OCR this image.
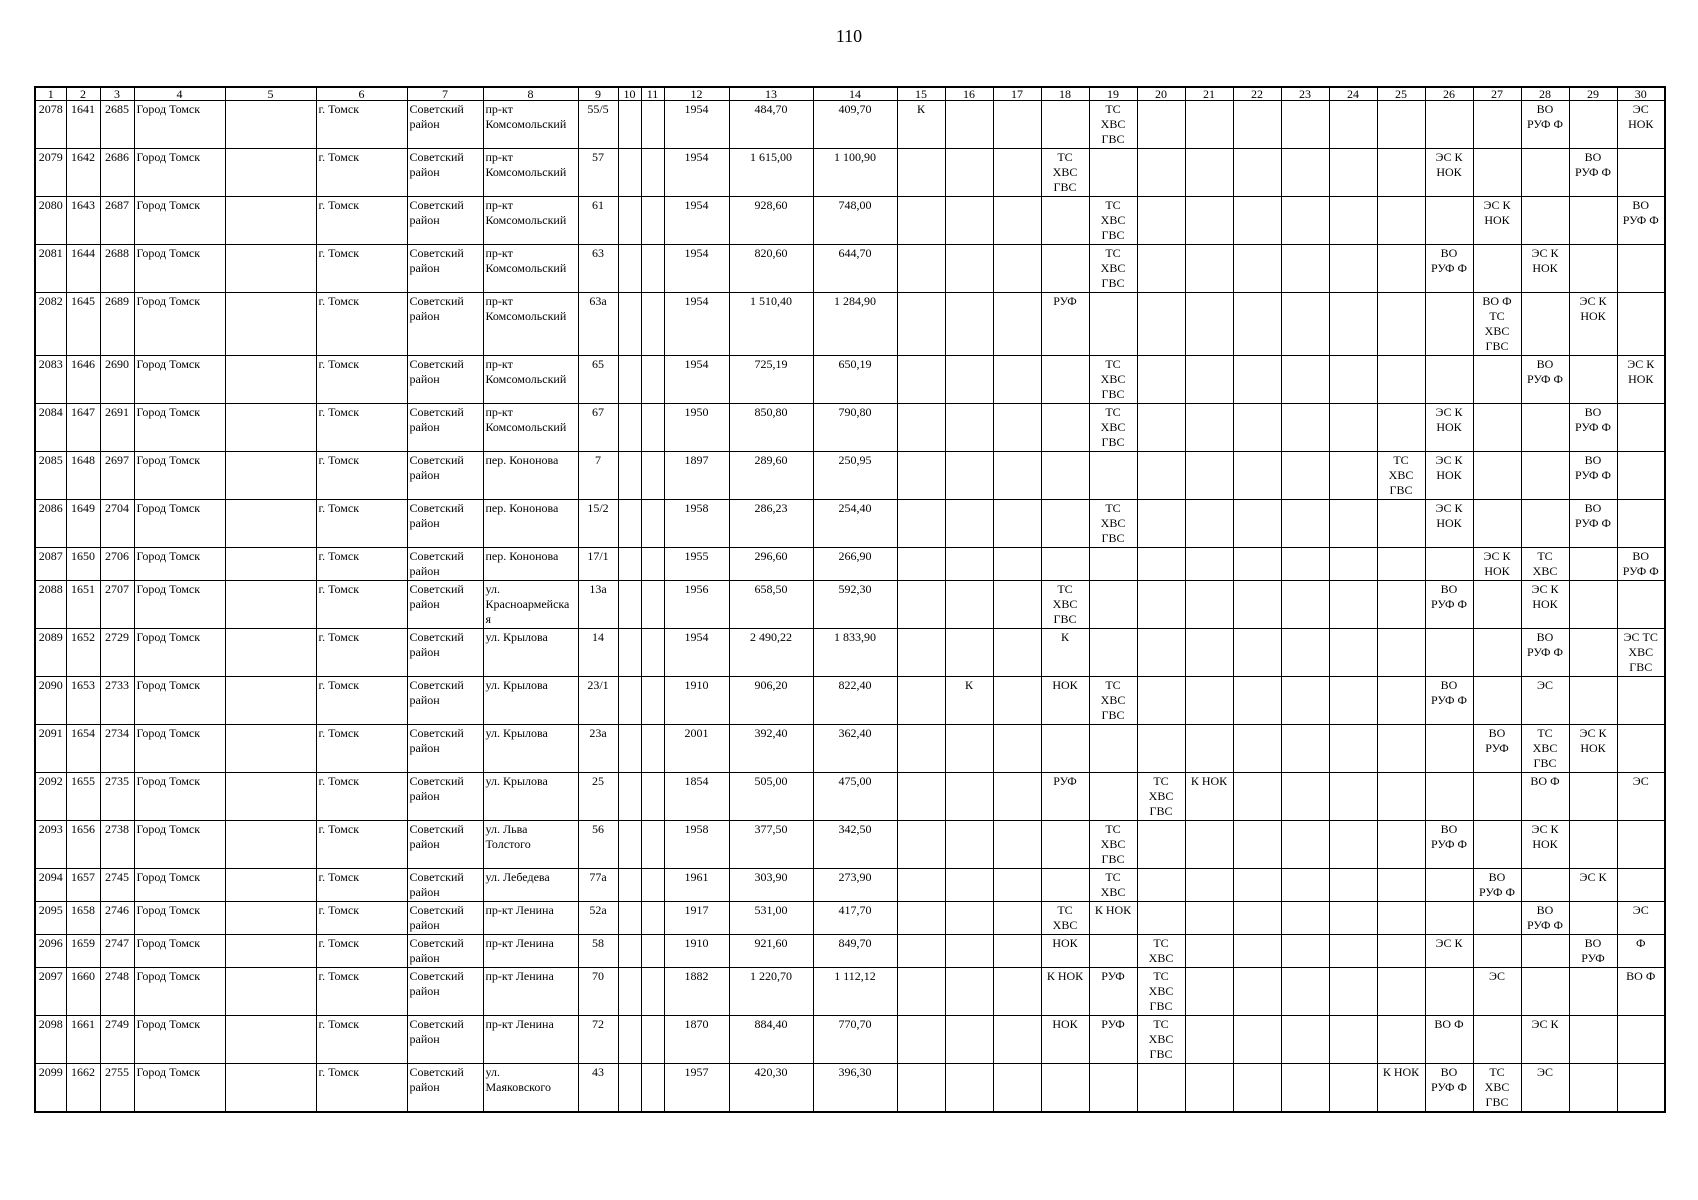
110
1	2	3	4	5	6	7	8	9	10	11	12	13	14	15	16	17	18	19	20	21	22	23	24	25	26	27	28	29	30
2078	1641	2685	Город Томск		г. Томск	Советский
район	пр-кт
Комсомольский	55/5			1954	484,70	409,70	К				ТС
ХВС
ГВС									ВО
РУФ Ф		ЭС
НОК
2079	1642	2686	Город Томск		г. Томск	Советский
район	пр-кт
Комсомольский	57			1954	1 615,00	1 100,90				ТС
ХВС
ГВС								ЭС К
НОК			ВО
РУФ Ф	
2080	1643	2687	Город Томск		г. Томск	Советский
район	пр-кт
Комсомольский	61			1954	928,60	748,00					ТС
ХВС
ГВС								ЭС К
НОК			ВО
РУФ Ф
2081	1644	2688	Город Томск		г. Томск	Советский
район	пр-кт
Комсомольский	63			1954	820,60	644,70					ТС
ХВС
ГВС							ВО
РУФ Ф		ЭС К
НОК		
2082	1645	2689	Город Томск		г. Томск	Советский
район	пр-кт
Комсомольский	63а			1954	1 510,40	1 284,90				РУФ									ВО Ф
ТС
ХВС
ГВС		ЭС К
НОК	
2083	1646	2690	Город Томск		г. Томск	Советский
район	пр-кт
Комсомольский	65			1954	725,19	650,19					ТС
ХВС
ГВС									ВО
РУФ Ф		ЭС К
НОК
2084	1647	2691	Город Томск		г. Томск	Советский
район	пр-кт
Комсомольский	67			1950	850,80	790,80					ТС
ХВС
ГВС							ЭС К
НОК			ВО
РУФ Ф	
2085	1648	2697	Город Томск		г. Томск	Советский
район	пер. Кононова	7			1897	289,60	250,95											ТС
ХВС
ГВС	ЭС К
НОК			ВО
РУФ Ф	
2086	1649	2704	Город Томск		г. Томск	Советский
район	пер. Кононова	15/2			1958	286,23	254,40					ТС
ХВС
ГВС							ЭС К
НОК			ВО
РУФ Ф	
2087	1650	2706	Город Томск		г. Томск	Советский
район	пер. Кононова	17/1			1955	296,60	266,90													ЭС К
НОК	ТС
ХВС		ВО
РУФ Ф
2088	1651	2707	Город Томск		г. Томск	Советский
район	ул.
Красноармейска
я	13а			1956	658,50	592,30				ТС
ХВС
ГВС								ВО
РУФ Ф		ЭС К
НОК		
2089	1652	2729	Город Томск		г. Томск	Советский
район	ул. Крылова	14			1954	2 490,22	1 833,90				К										ВО
РУФ Ф		ЭС ТС
ХВС
ГВС
2090	1653	2733	Город Томск		г. Томск	Советский
район	ул. Крылова	23/1			1910	906,20	822,40		К		НОК	ТС
ХВС
ГВС							ВО
РУФ Ф		ЭС		
2091	1654	2734	Город Томск		г. Томск	Советский
район	ул. Крылова	23а			2001	392,40	362,40													ВО
РУФ	ТС
ХВС
ГВС	ЭС К
НОК	
2092	1655	2735	Город Томск		г. Томск	Советский
район	ул. Крылова	25			1854	505,00	475,00				РУФ		ТС
ХВС
ГВС	К НОК							ВО Ф		ЭС
2093	1656	2738	Город Томск		г. Томск	Советский
район	ул. Льва
Толстого	56			1958	377,50	342,50					ТС
ХВС
ГВС							ВО
РУФ Ф		ЭС К
НОК		
2094	1657	2745	Город Томск		г. Томск	Советский
район	ул. Лебедева	77а			1961	303,90	273,90					ТС
ХВС								ВО
РУФ Ф		ЭС К	
2095	1658	2746	Город Томск		г. Томск	Советский
район	пр-кт Ленина	52а			1917	531,00	417,70				ТС
ХВС	К НОК									ВО
РУФ Ф		ЭС
2096	1659	2747	Город Томск		г. Томск	Советский
район	пр-кт Ленина	58			1910	921,60	849,70				НОК		ТС
ХВС						ЭС К			ВО
РУФ	Ф
2097	1660	2748	Город Томск		г. Томск	Советский
район	пр-кт Ленина	70			1882	1 220,70	1 112,12				К НОК	РУФ	ТС
ХВС
ГВС							ЭС			ВО Ф
2098	1661	2749	Город Томск		г. Томск	Советский
район	пр-кт Ленина	72			1870	884,40	770,70				НОК	РУФ	ТС
ХВС
ГВС						ВО Ф		ЭС К		
2099	1662	2755	Город Томск		г. Томск	Советский
район	ул.
Маяковского	43			1957	420,30	396,30											К НОК	ВО
РУФ Ф	ТС
ХВС
ГВС	ЭС		
